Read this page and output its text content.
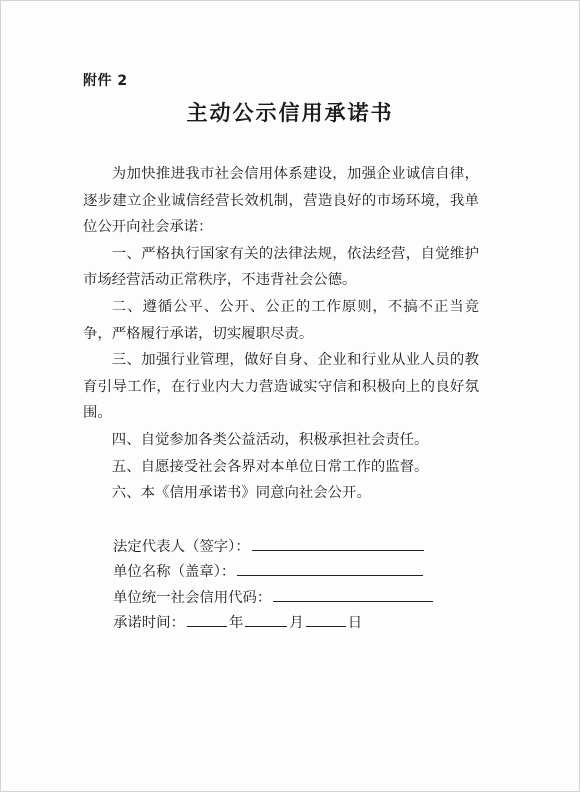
附件 2
主动公示信用承诺书

为加快推进我市社会信用体系建设，加强企业诚信自律，逐步建立企业诚信经营长效机制，营造良好的市场环境，我单位公开向社会承诺：

一、严格执行国家有关的法律法规，依法经营，自觉维护市场经营活动正常秩序，不违背社会公德。

二、遵循公平、公开、公正的工作原则，不搞不正当竞争，严格履行承诺，切实履职尽责。

三、加强行业管理，做好自身、企业和行业从业人员的教育引导工作，在行业内大力营造诚实守信和积极向上的良好氛围。

四、自觉参加各类公益活动，积极承担社会责任。

五、自愿接受社会各界对本单位日常工作的监督。

六、本《信用承诺书》同意向社会公开。

法定代表人（签字）：
单位名称（盖章）：
单位统一社会信用代码：
承诺时间：	年	月	日
